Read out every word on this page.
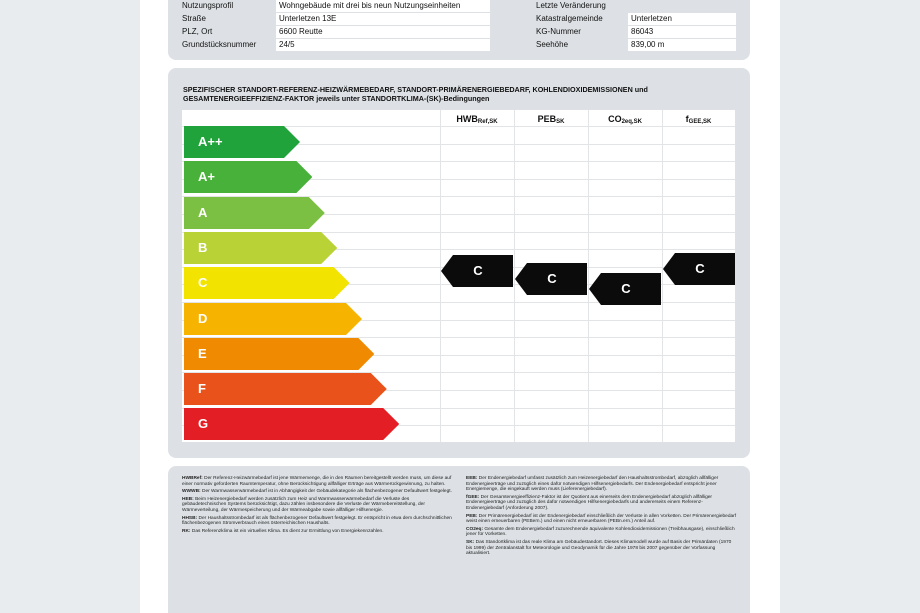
Nutzungsprofil	Wohngebäude mit drei bis neun Nutzungseinheiten	Letzte Veränderung
Straße	Unterletzen 13E	Katastralgemeinde	Unterletzen
PLZ, Ort	6600 Reutte	KG-Nummer	86043
Grundstücksnummer	24/5	Seehöhe	839,00 m
SPEZIFISCHER STANDORT-REFERENZ-HEIZWÄRMEBEDARF, STANDORT-PRIMÄRENERGIEBEDARF, KOHLENDIOXIDEMISSIONEN und GESAMTENERGIEEFFIZIENZ-FAKTOR jeweils unter STANDORTKLIMA-(SK)-Bedingungen
$HWB_{Ref,SK}$	$PEB_{SK}$	$CO_{2eq,SK}$	$f_{GEE,SK}$
A++
A+
A
B
C
D
E
F
G
C
C
C
C
HWBRef: Der Referenz-Heizwärmebedarf ist jene Wärmemenge, die in den Räumen bereitgestellt werden muss, um diese auf einer normativ geforderten Raumtemperatur, ohne Berücksichtigung allfälliger Erträge aus Wärmerückgewinnung, zu halten.
WWWB: Der Warmwasserwärmebedarf ist in Abhängigkeit der Gebäudekategorie als flächenbezogener Defaultwert festgelegt.
HEB: Beim Heizenergiebedarf werden zusätzlich zum Heiz und Warmwasserwärmebedarf die Verluste des gebäudetechnischen Systems berücksichtigt, dazu zählen insbesondere die Verluste der Wärmebereitstellung, der Wärmeverteilung, der Wärmespeicherung und der Wärmeabgabe sowie allfälliger Hilfsenergie.
HHSB: Der Haushaltsstrombedarf ist als flächenbezogener Defaultwert festgelegt. Er entspricht in etwa dem durchschnittlichen flächenbezogenen Stromverbrauch eines österreichischen Haushalts.
RK: Das Referenzklima ist ein virtuelles Klima. Es dient zur Ermittlung von Energiekennzahlen.
EEB: Der Endenergiebedarf umfasst zusätzlich zum Heizenergiebedarf den Haushaltsstrombedarf, abzüglich allfälliger Endenergieerträge und zuzüglich eines dafür notwendigen Hilfsenergiebedarfs. Der Endenergiebedarf entspricht jener Energiemenge, die eingekauft werden muss (Lieferenergiebedarf).
fGEE: Der Gesamtenergieeffizienz-Faktor ist der Quotient aus einerseits dem Endenergiebedarf abzüglich allfälliger Endenergieerträge und zuzüglich des dafür notwendigen Hilfsenergiebedarfs und andererseits einem Referenz-Endenergiebedarf (Anforderung 2007).
PEB: Der Primärenergiebedarf ist der Endenergiebedarf einschließlich der Verluste in allen Vorketten. Der Primärenergiebedarf weist einen erneuerbaren (PEBern.) und einen nicht erneuerbaren (PEBn.ern.) Anteil auf.
CO2eq: Gesamte dem Endenergiebedarf zuzurechnende äquivalente Kohlendioxidemissionen (Treibhausgase), einschließlich jener für Vorketten.
SK: Das Standortklima ist das reale Klima am Gebäudestandort. Dieses Klimamodell wurde auf Basis der Primärdaten (1970 bis 1999) der Zentralanstalt für Meteorologie und Geodynamik für die Jahre 1978 bis 2007 gegenüber der Vorfassung aktualisiert.
